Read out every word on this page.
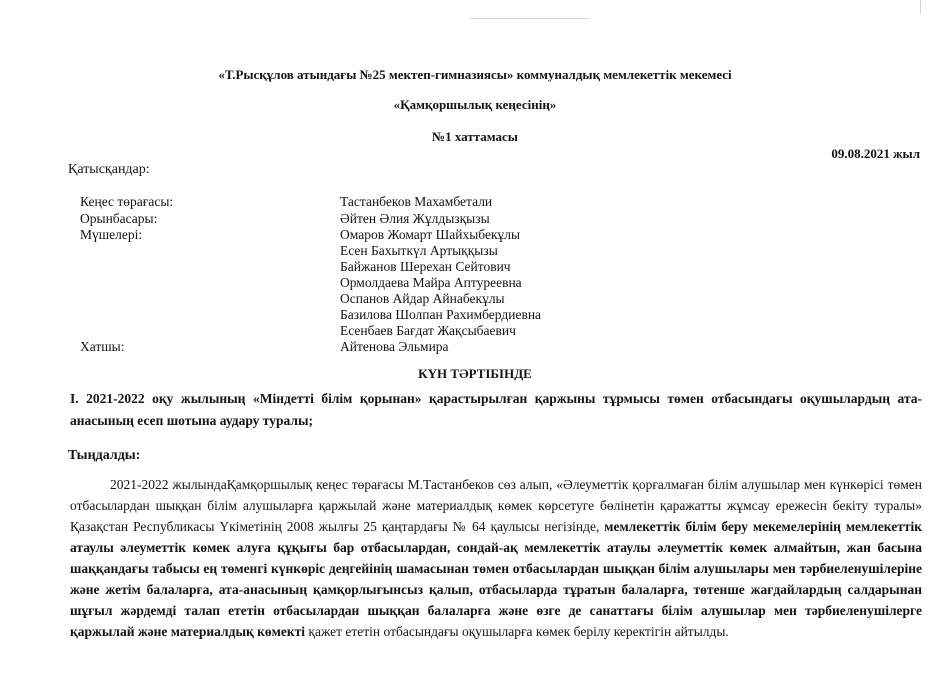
«Т.Рысқұлов атындағы №25 мектеп-гимназиясы» коммуналдық мемлекеттік мекемесі
«Қамқоршылық кеңесінің»
№1 хаттамасы
09.08.2021 жыл
Қатысқандар:
Кеңес төрағасы:	Тастанбеков Махамбетали
Орынбасары:	Әйтен Әлия Жұлдызқызы
Мүшелері:	Омаров Жомарт Шайхыбекұлы
Есен Бахыткүл Артыққызы
Байжанов Шерехан Сейтович
Ормолдаева Майра Аптуреевна
Оспанов Айдар Айнабекұлы
Базилова Шолпан Рахимбердиевна
Есенбаев Бағдат Жақсыбаевич
Хатшы:	Айтенова Эльмира
КҮН ТӘРТІБІНДЕ
І. 2021-2022 оқу жылының «Міндетті білім қорынан» қарастырылған қаржыны тұрмысы төмен отбасындағы оқушылардың ата-анасының есеп шотына аудару туралы;
Тыңдалды:
2021-2022 жылындаҚамқоршылық кеңес төрағасы М.Тастанбеков сөз алып, «Әлеуметтік қорғалмаған білім алушылар мен күнкөрісі төмен отбасылардан шыққан білім алушыларға қаржылай және материалдық көмек көрсетуге бөлінетін қаражатты жұмсау ережесін бекіту туралы» Қазақстан Республикасы Үкіметінің 2008 жылғы 25 қаңтардағы № 64 қаулысы негізінде, мемлекеттік білім беру мекемелерінің мемлекеттік атаулы әлеуметтік көмек алуға құқығы бар отбасылардан, сондай-ақ мемлекеттік атаулы әлеуметтік көмек алмайтын, жан басына шаққандағы табысы ең төменгі күнкөріс деңгейінің шамасынан төмен отбасылардан шыққан білім алушылары мен тәрбиеленушілеріне және жетім балаларға, ата-анасының қамқорлығынсыз қалып, отбасыларда тұратын балаларға, төтенше жағдайлардың салдарынан шұғыл жәрдемді талап ететін отбасылардан шыққан балаларға және өзге де санаттағы білім алушылар мен тәрбиеленушілерге қаржылай және материалдық көмекті қажет ететін отбасындағы оқушыларға көмек берілу керектігін айтылды.
